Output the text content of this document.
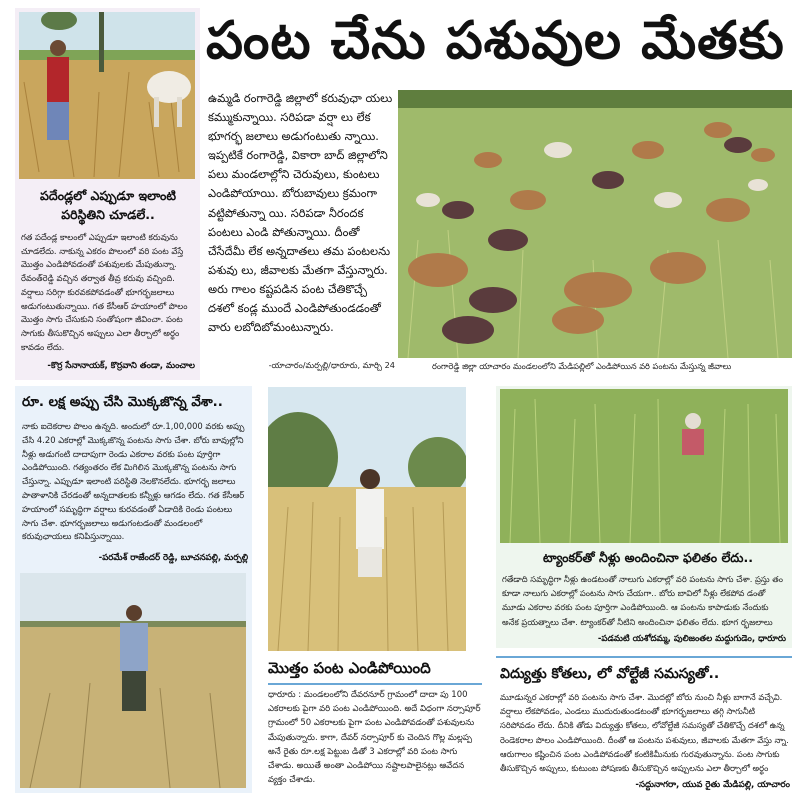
పంట చేను పశువుల మేతకు
పదేండ్లలో ఎప్పుడూ ఇలాంటి పరిస్థితిని చూడలే..
గత పదేండ్ల కాలంలో ఎప్పుడూ ఇలాంటి కరువును చూడలేదు. నాకున్న ఎకరం పొలంలో వరి పంట వేస్తే మొత్తం ఎండిపోవడంతో పశువులకు మేపుతున్నా. రేవంత్‌రెడ్డి వచ్చిన తర్వాత తీవ్ర కరువు వచ్చింది. వర్షాలు సరిగ్గా కురవకపోవడంతో భూగర్భజలాలు అడుగంటుతున్నాయి. గత కేసీఆర్ హయాంలో పొలం మొత్తం సాగు చేసుకుని సంతోషంగా జీవించా. పంట సాగుకు తీసుకొచ్చిన అప్పులు ఎలా తీర్చాలో అర్థం కావడం లేదు.
-కొర్ర సేనానాయక్, కొర్రవాని తండా, మంచాల
ఉమ్మడి రంగారెడ్డి జిల్లాలో కరువుఛా యలు కమ్ముకున్నాయి. సరిపడా వర్షా లు లేక భూగర్భ జలాలు అడుగంటుతు న్నాయి. ఇప్పటికే రంగారెడ్డి, వికారా బాద్ జిల్లాలోని పలు మండలాల్లోని చెరువులు, కుంటలు ఎండిపోయాయి. బోరుబావులు క్రమంగా వట్టిపోతున్నా యి. సరిపడా నీరందక పంటలు ఎండి పోతున్నాయి. దీంతో చేసేదేమీ లేక అన్నదాతలు తమ పంటలను పశువు లు, జీవాలకు మేతగా వేస్తున్నారు. అరు గాలం కష్టపడిన పంట చేతికొచ్చే దశలో కండ్ల ముందే ఎండిపోతుండడంతో వారు లబోదిబోమంటున్నారు.
-యాచారం/మర్పల్లి/ధారూరు, మార్చి 24	రంగారెడ్డి జిల్లా యాచారం మండలంలోని మేడిపల్లిలో ఎండిపోయిన వరి పంటను మేస్తున్న జీవాలు
రూ. లక్ష అప్పు చేసి మొక్కజొన్న వేశా..
నాకు ఐదెకరాల పొలం ఉన్నది. అందులో రూ.1,00,000 వరకు అప్పు చేసి 4.20 ఎకరాల్లో మొక్కజొన్న పంటను సాగు చేశా. బోరు బావుల్లోని నీళ్లు అడుగంటి దాదాపుగా రెండు ఎకరాల వరకు పంట పూర్తిగా ఎండిపోయింది. గత్యంతరం లేక మిగిలిన మొక్కజొన్న పంటను సాగు చేస్తున్నా. ఎప్పుడూ ఇలాంటి పరిస్థితి నెలకొనలేదు. భూగర్భ జలాలు పాతాళానికి చేరడంతో అన్నదాతలకు కన్నీళ్లు ఆగడం లేదు. గత కేసీఆర్ హయాంలో సమృద్ధిగా వర్షాలు కురవడంతో ఏడాదికి రెండు పంటలు సాగు చేశా. భూగర్భజలాలు అడుగంటడంతో మండలంలో కరువుఛాయలు కనిపిస్తున్నాయి.
-పరమేశ్ రాజేందర్ రెడ్డి, బూచనపల్లి, మర్పల్లి
మొత్తం పంట ఎండిపోయింది
ధారూరు : మండలంలోని దేవరనూర్ గ్రామంలో దాదా పు 100 ఎకరాలకు పైగా వరి పంట ఎండిపోయింది. అదే విధంగా నర్సాపూర్ గ్రామంలో 50 ఎకరాలకు పైగా పంట ఎండిపోవడంతో పశువులను మేపుతున్నారు. కాగా, దేవర్ నర్సాపూర్ కు చెందిన గొల్ల మల్లప్ప అనే రైతు రూ.లక్ష పెట్టుబ డితో 3 ఎకరాల్లో వరి పంట సాగు చేశాడు. అయితే అంతా ఎండిపోయి నష్టాలపాలైనట్లు ఆవేదన వ్యక్తం చేశాడు.
ట్యాంకర్‌తో నీళ్లు అందించినా ఫలితం లేదు..
గతేడాది సమృద్ధిగా నీళ్లు ఉండటంతో నాలుగు ఎకరాల్లో వరి పంటను సాగు చేశా. ప్రస్తు తం కూడా నాలుగు ఎకరాల్లో పంటను సాగు చేయగా.. బోరు బావిలో నీళ్లు లేకపోవ డంతో మూడు ఎకరాల వరకు పంట పూర్తిగా ఎండిపోయింది. ఆ పంటను కాపాడుకు నేందుకు అనేక ప్రయత్నాలు చేశా. ట్యాంకర్‌తో నీటిని అందించినా ఫలితం లేదు. భూగ ర్భజలాలు
-పడమటి యశోదమ్మ, పులిజంతల మద్దుగుడెం, ధారూరు
విద్యుత్తు కోతలు, లో వోల్టేజీ సమస్యతో..
మూడున్నర ఎకరాల్లో వరి పంటను సాగు చేశా. మొదట్లో బోరు నుంచి నీళ్లు బాగానే వచ్చేవి. వర్షాలు లేకపోవడం, ఎండలు ముదురుతుండటంతో భూగర్భజలాలు తగ్గి సాగునీటి సరిపోవడం లేదు. దీనికి తోడు విద్యుత్తు కోతలు, లోవోల్టేజీ సమస్యతో చేతికొచ్చే దశలో ఉన్న రెండెకరాల పొలం ఎండిపోయింది. దీంతో ఆ పంటను పశువులు, జీవాలకు మేతగా వేస్తు న్నా. ఆరుగాలం కష్టించిన పంట ఎండిపోవడంతో కంటికిమీనుకు గురవుతున్నాను. పంట సాగుకు తీసుకొచ్చిన అప్పులు, కుటుంబ పోషణకు తీసుకొచ్చిన అప్పులను ఎలా తీర్చాలో అర్థం
-సద్దునాగరా, యువ రైతు మేడిపల్లి, యాచారం
